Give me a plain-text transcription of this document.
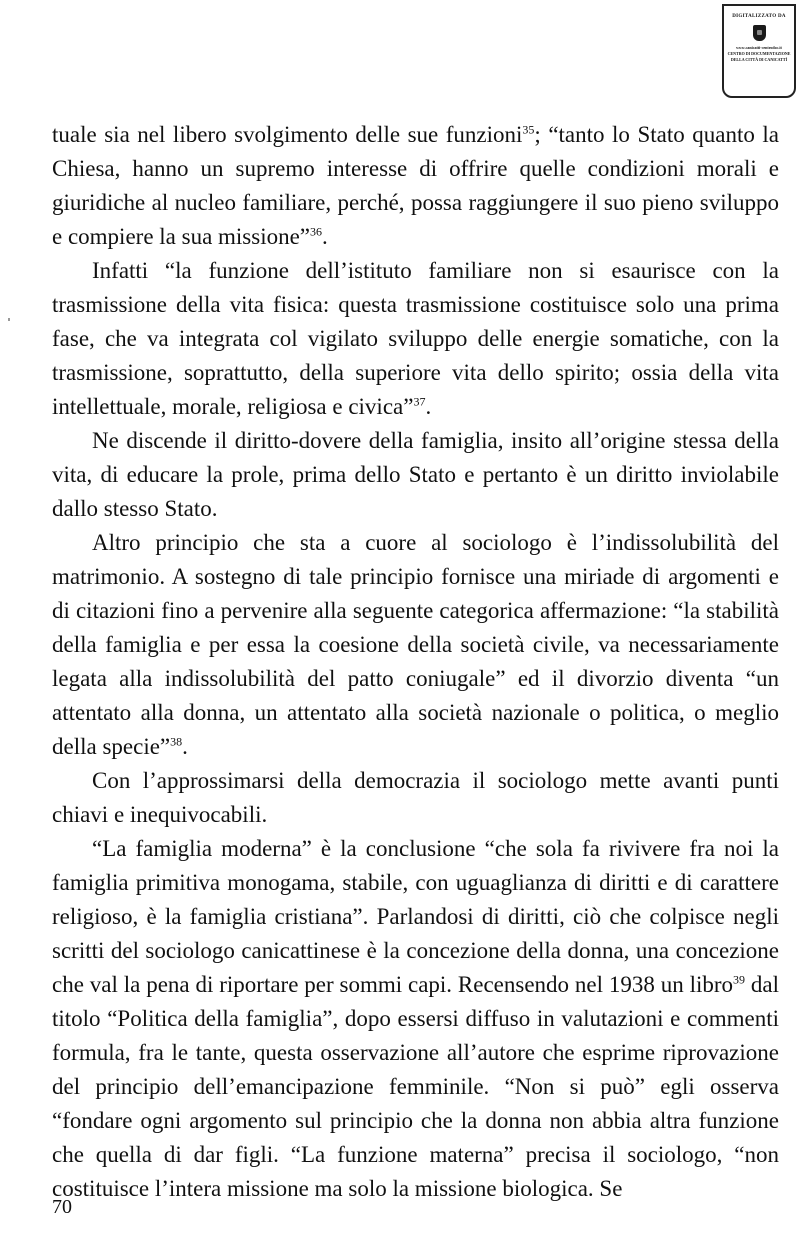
DIGITALIZZATO DA
www.canicatti-centrodoc.it
CENTRO DI DOCUMENTAZIONE
DELLA CITTÀ DI CANICATTÌ

tuale sia nel libero svolgimento delle sue funzioni$^{35}$; “tanto lo Stato quanto la Chiesa, hanno un supremo interesse di offrire quelle condizioni morali e giuridiche al nucleo familiare, perché, possa raggiungere il suo pieno sviluppo e compiere la sua missione”$^{36}$.

Infatti “la funzione dell’istituto familiare non si esaurisce con la trasmissione della vita fisica: questa trasmissione costituisce solo una prima fase, che va integrata col vigilato sviluppo delle energie somatiche, con la trasmissione, soprattutto, della superiore vita dello spirito; ossia della vita intellettuale, morale, religiosa e civica”$^{37}$.

Ne discende il diritto-dovere della famiglia, insito all’origine stessa della vita, di educare la prole, prima dello Stato e pertanto è un diritto inviolabile dallo stesso Stato.

Altro principio che sta a cuore al sociologo è l’indissolubilità del matrimonio. A sostegno di tale principio fornisce una miriade di argomenti e di citazioni fino a pervenire alla seguente categorica affermazione: “la stabilità della famiglia e per essa la coesione della società civile, va necessariamente legata alla indissolubilità del patto coniugale” ed il divorzio diventa “un attentato alla donna, un attentato alla società nazionale o politica, o meglio della specie”$^{38}$.

Con l’approssimarsi della democrazia il sociologo mette avanti punti chiavi e inequivocabili.

“La famiglia moderna” è la conclusione “che sola fa rivivere fra noi la famiglia primitiva monogama, stabile, con uguaglianza di diritti e di carattere religioso, è la famiglia cristiana”. Parlandosi di diritti, ciò che colpisce negli scritti del sociologo canicattinese è la concezione della donna, una concezione che val la pena di riportare per sommi capi. Recensendo nel 1938 un libro$^{39}$ dal titolo “Politica della famiglia”, dopo essersi diffuso in valutazioni e commenti formula, fra le tante, questa osservazione all’autore che esprime riprovazione del principio dell’emancipazione femminile. “Non si può” egli osserva “fondare ogni argomento sul principio che la donna non abbia altra funzione che quella di dar figli. “La funzione materna” precisa il sociologo, “non costituisce l’intera missione ma solo la missione biologica. Se

70
